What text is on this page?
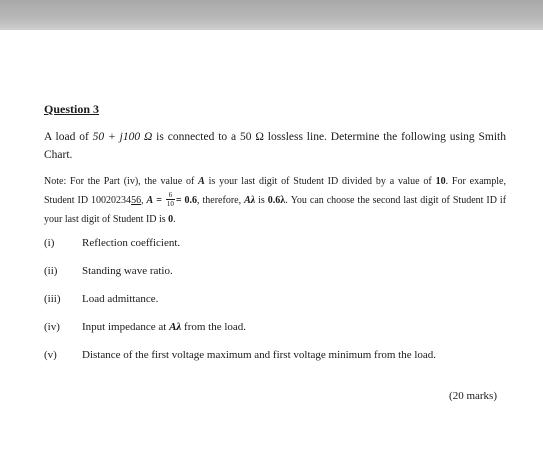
Question 3

A load of 50 + j100 Ω is connected to a 50 Ω lossless line. Determine the following using Smith Chart.

Note: For the Part (iv), the value of A is your last digit of Student ID divided by a value of 10. For example, Student ID 1002023456, $A = \frac{6}{10} = 0.6$, therefore, Aλ is 0.6λ. You can choose the second last digit of Student ID if your last digit of Student ID is 0.

(i)	Reflection coefficient.
(ii) Standing wave ratio.
(iii) Load admittance.
(iv) Input impedance at Aλ from the load.
(v) Distance of the first voltage maximum and first voltage minimum from the load.

(20 marks)
